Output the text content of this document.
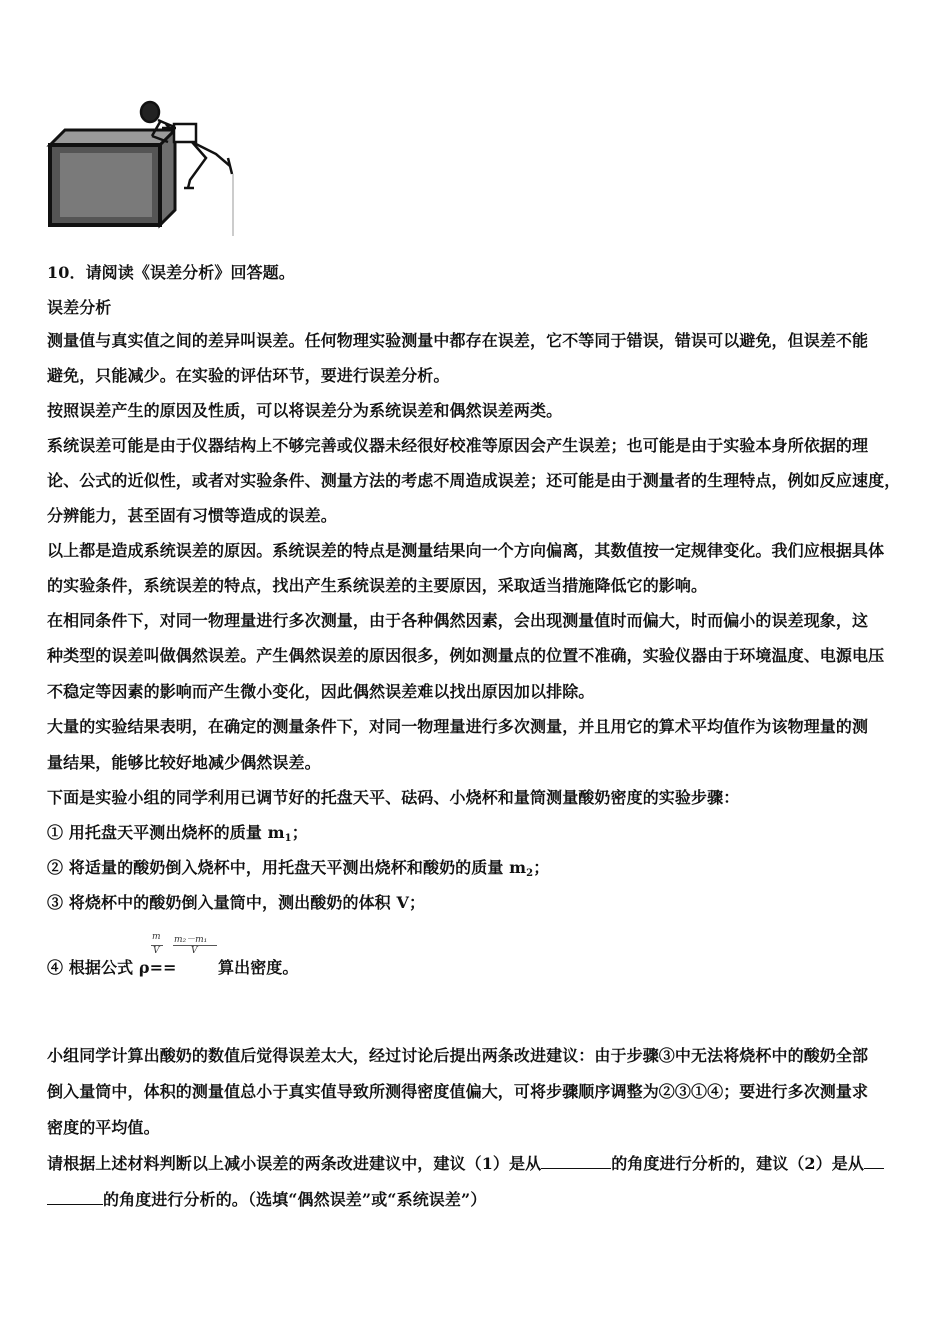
10．请阅读《误差分析》回答题。
误差分析
测量值与真实值之间的差异叫误差。任何物理实验测量中都存在误差，它不等同于错误，错误可以避免，但误差不能
避免，只能减少。在实验的评估环节，要进行误差分析。
按照误差产生的原因及性质，可以将误差分为系统误差和偶然误差两类。
系统误差可能是由于仪器结构上不够完善或仪器未经很好校准等原因会产生误差；也可能是由于实验本身所依据的理
论、公式的近似性，或者对实验条件、测量方法的考虑不周造成误差；还可能是由于测量者的生理特点，例如反应速度，
分辨能力，甚至固有习惯等造成的误差。
以上都是造成系统误差的原因。系统误差的特点是测量结果向一个方向偏离，其数值按一定规律变化。我们应根据具体
的实验条件，系统误差的特点，找出产生系统误差的主要原因，采取适当措施降低它的影响。
在相同条件下，对同一物理量进行多次测量，由于各种偶然因素，会出现测量值时而偏大，时而偏小的误差现象，这
种类型的误差叫做偶然误差。产生偶然误差的原因很多，例如测量点的位置不准确，实验仪器由于环境温度、电源电压
不稳定等因素的影响而产生微小变化，因此偶然误差难以找出原因加以排除。
大量的实验结果表明，在确定的测量条件下，对同一物理量进行多次测量，并且用它的算术平均值作为该物理量的测
量结果，能够比较好地减少偶然误差。
下面是实验小组的同学利用已调节好的托盘天平、砝码、小烧杯和量筒测量酸奶密度的实验步骤：
① 用托盘天平测出烧杯的质量 $m_1$；
② 将适量的酸奶倒入烧杯中，用托盘天平测出烧杯和酸奶的质量 $m_2$；
③ 将烧杯中的酸奶倒入量筒中，测出酸奶的体积 V；
④ 根据公式 ρ= =	算出密度。
m
V
m₂－m₁
V
小组同学计算出酸奶的数值后觉得误差太大，经过讨论后提出两条改进建议：由于步骤③中无法将烧杯中的酸奶全部
倒入量筒中，体积的测量值总小于真实值导致所测得密度值偏大，可将步骤顺序调整为②③①④；要进行多次测量求
密度的平均值。
请根据上述材料判断以上减小误差的两条改进建议中，建议（1）是从	的角度进行分析的，建议（2）是从
的角度进行分析的。（选填“偶然误差”或“系统误差”）
